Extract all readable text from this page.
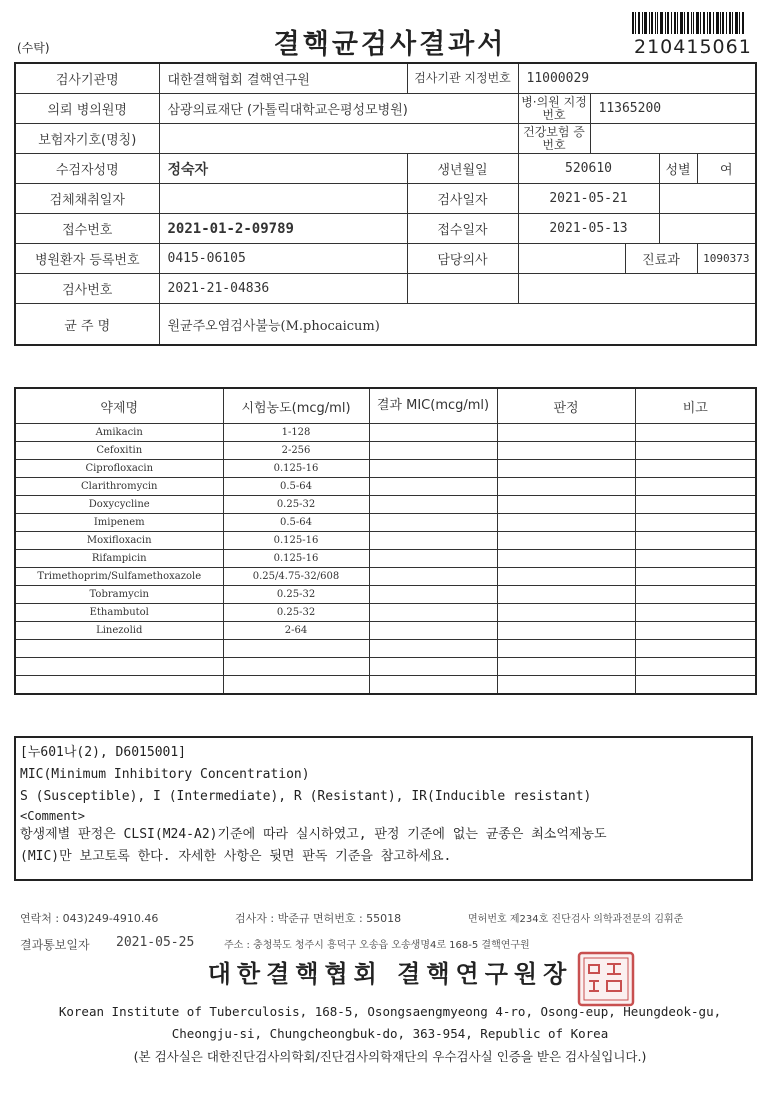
(수탁)	결핵균검사결과서	210415061
검사기관명	대한결핵협회 결핵연구원	검사기관 지정번호	11000029				
의뢰 병의원명	삼광의료재단 (가톨릭대학교은평성모병원)		병·의원 지정번호	11365200			
보험자기호(명칭)			건강보험 증번호				
수검자성명	정숙자	생년월일	520610			성별	여
검체채취일자		검사일자	2021-05-21				
접수번호	2021-01-2-09789	접수일자	2021-05-13				
병원환자 등록번호	0415-06105	담당의사			진료과		1090373
검사번호	2021-21-04836						
균 주 명	원균주오염검사불능(M.phocaicum)						
약제명	시험농도(mcg/ml)	결과 MIC(mcg/ml)	판정	비고
Amikacin	1-128			
Cefoxitin	2-256			
Ciprofloxacin	0.125-16			
Clarithromycin	0.5-64			
Doxycycline	0.25-32			
Imipenem	0.5-64			
Moxifloxacin	0.125-16			
Rifampicin	0.125-16			
Trimethoprim/Sulfamethoxazole	0.25/4.75-32/608			
Tobramycin	0.25-32			
Ethambutol	0.25-32			
Linezolid	2-64			

[누601나(2), D6015001]
MIC(Minimum Inhibitory Concentration)
S (Susceptible), I (Intermediate), R (Resistant), IR(Inducible resistant)
<Comment>
항생제별 판정은 CLSI(M24-A2)기준에 따라 실시하였고, 판정 기준에 없는 균종은 최소억제농도
(MIC)만 보고토록 한다. 자세한 사항은 뒷면 판독 기준을 참고하세요.
연락처 : 043)249-4910.46	검사자 : 박준규 면허번호 : 55018	면허번호 제234호 진단검사 의학과전문의 김휘준
결과통보일자 2021-05-25	주소 : 충청북도 청주시 흥덕구 오송읍 오송생명4로 168-5 결핵연구원
대한결핵협회 결핵연구원장
Korean Institute of Tuberculosis, 168-5, Osongsaengmyeong 4-ro, Osong-eup, Heungdeok-gu,
Cheongju-si, Chungcheongbuk-do, 363-954, Republic of Korea
(본 검사실은 대한진단검사의학회/진단검사의학재단의 우수검사실 인증을 받은 검사실입니다.)
